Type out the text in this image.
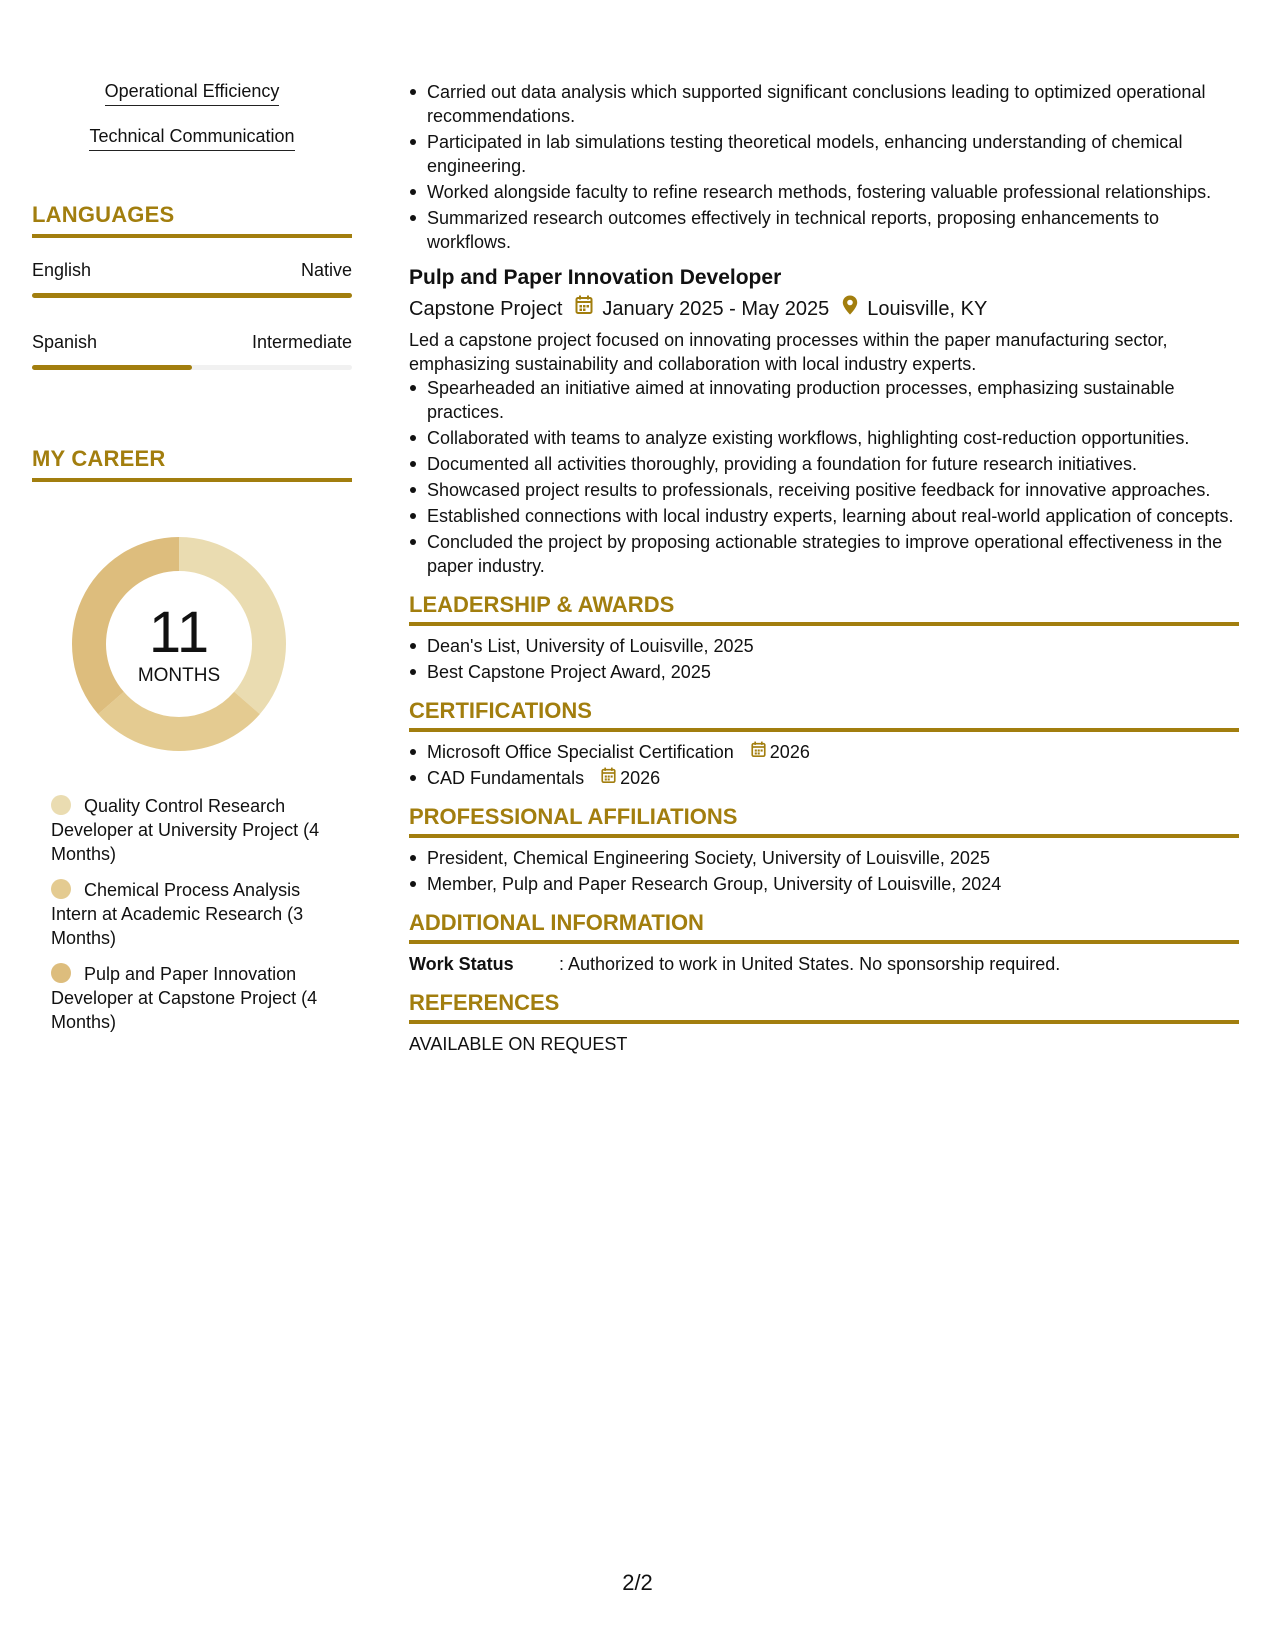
Operational Efficiency
Technical Communication
LANGUAGES
English	Native
Spanish	Intermediate
MY CAREER
11
MONTHS
Quality Control Research Developer at University Project (4 Months)
Chemical Process Analysis Intern at Academic Research (3 Months)
Pulp and Paper Innovation Developer at Capstone Project (4 Months)
Carried out data analysis which supported significant conclusions leading to optimized operational recommendations.
Participated in lab simulations testing theoretical models, enhancing understanding of chemical engineering.
Worked alongside faculty to refine research methods, fostering valuable professional relationships.
Summarized research outcomes effectively in technical reports, proposing enhancements to workflows.
Pulp and Paper Innovation Developer
Capstone Project January 2025 - May 2025 Louisville, KY
Led a capstone project focused on innovating processes within the paper manufacturing sector, emphasizing sustainability and collaboration with local industry experts.
Spearheaded an initiative aimed at innovating production processes, emphasizing sustainable practices.
Collaborated with teams to analyze existing workflows, highlighting cost-reduction opportunities.
Documented all activities thoroughly, providing a foundation for future research initiatives.
Showcased project results to professionals, receiving positive feedback for innovative approaches.
Established connections with local industry experts, learning about real-world application of concepts.
Concluded the project by proposing actionable strategies to improve operational effectiveness in the paper industry.
LEADERSHIP & AWARDS
Dean's List, University of Louisville, 2025
Best Capstone Project Award, 2025
CERTIFICATIONS
Microsoft Office Specialist Certification 2026
CAD Fundamentals 2026
PROFESSIONAL AFFILIATIONS
President, Chemical Engineering Society, University of Louisville, 2025
Member, Pulp and Paper Research Group, University of Louisville, 2024
ADDITIONAL INFORMATION
Work Status	: Authorized to work in United States. No sponsorship required.
REFERENCES
AVAILABLE ON REQUEST
2/2
